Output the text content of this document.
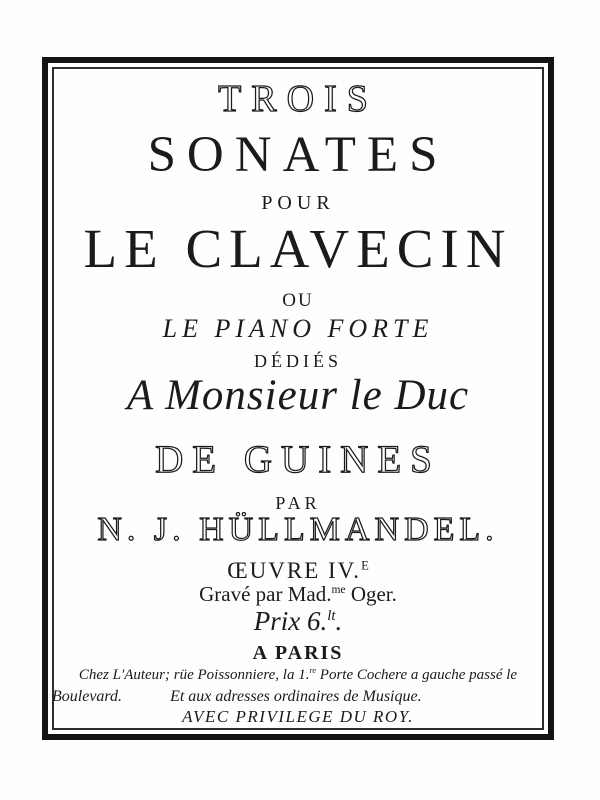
TROIS
SONATES
POUR
LE CLAVECIN
OU
LE PIANO FORTE
DÉDIÉS
A Monsieur le Duc
DE GUINES
PAR
N. J. HÜLLMANDEL.
ŒUVRE IV.$^E$
Gravé par Mad.$^{me}$ Oger.
Prix 6.$^{lt}$.
A PARIS
Chez L'Auteur; rüe Poissonniere, la 1.$^{re}$ Porte Cochere a gauche passé le
Boulevard.	Et aux adresses ordinaires de Musique.
AVEC PRIVILEGE DU ROY.
